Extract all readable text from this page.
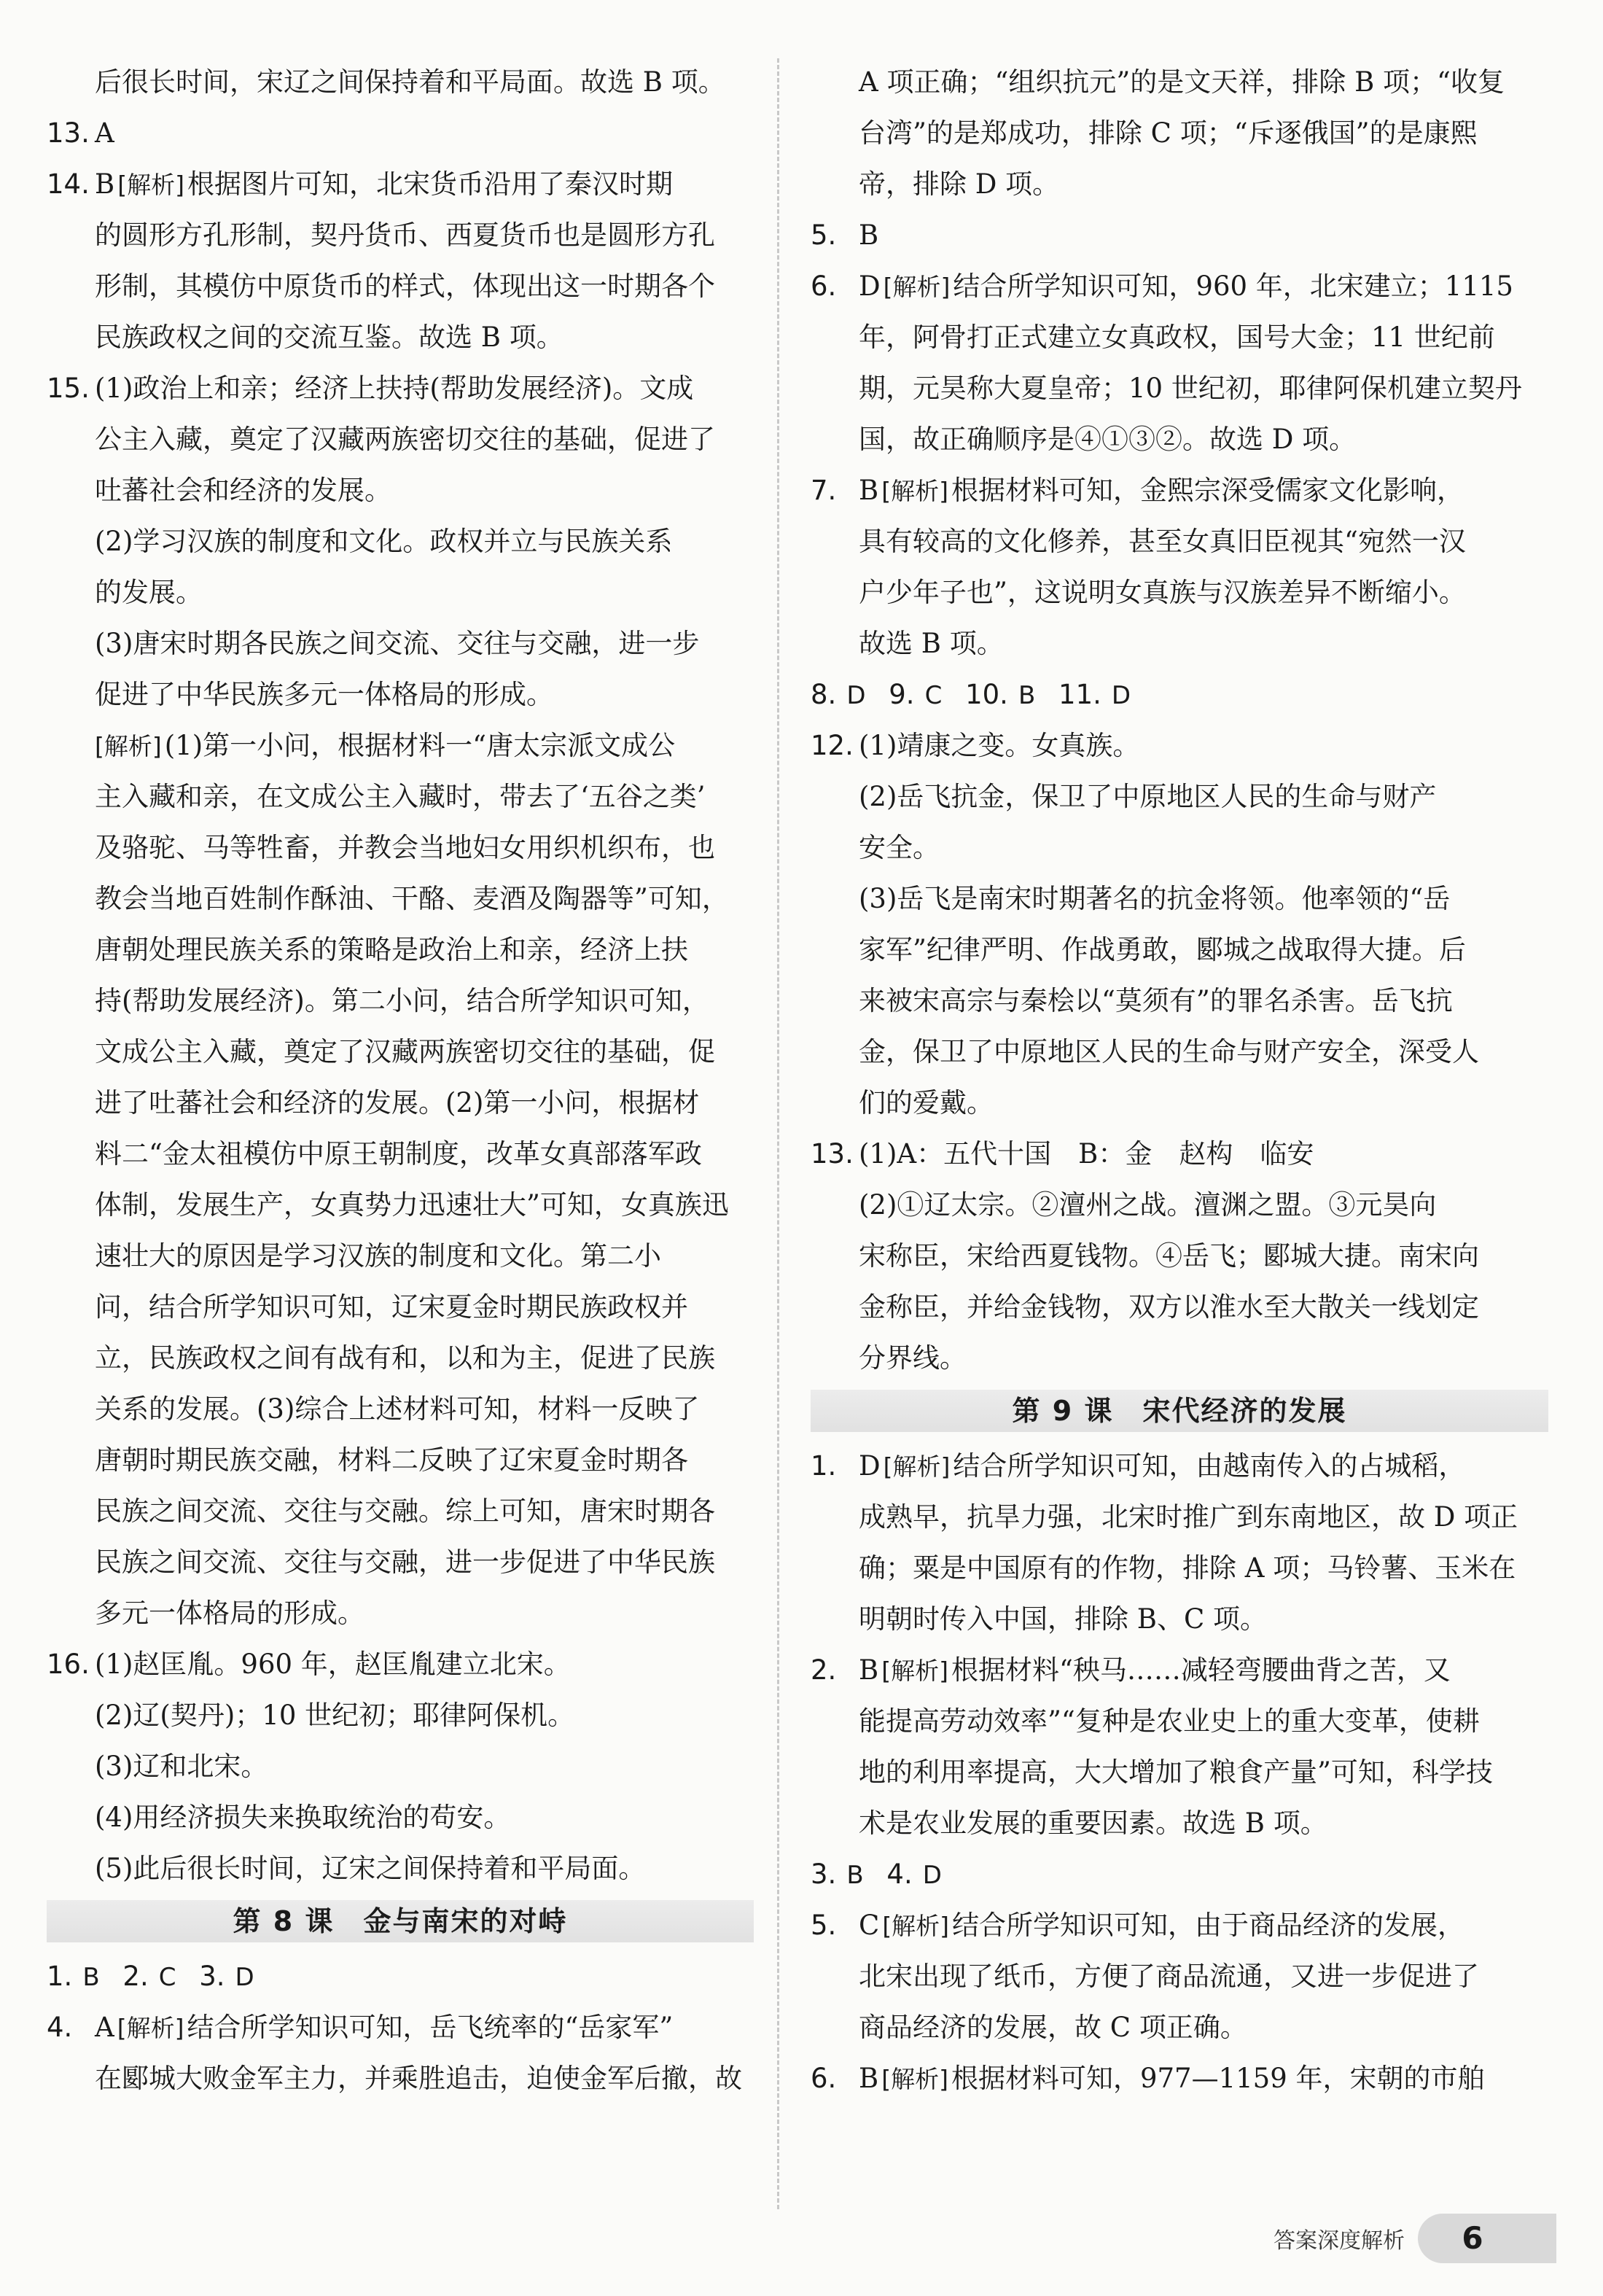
后很长时间，宋辽之间保持着和平局面。故选 B 项。
13. A
14. B [解析] 根据图片可知，北宋货币沿用了秦汉时期
的圆形方孔形制，契丹货币、西夏货币也是圆形方孔
形制，其模仿中原货币的样式，体现出这一时期各个
民族政权之间的交流互鉴。故选 B 项。
15. (1)政治上和亲；经济上扶持(帮助发展经济)。文成
公主入藏，奠定了汉藏两族密切交往的基础，促进了
吐蕃社会和经济的发展。
(2)学习汉族的制度和文化。政权并立与民族关系
的发展。
(3)唐宋时期各民族之间交流、交往与交融，进一步
促进了中华民族多元一体格局的形成。
[解析] (1)第一小问，根据材料一“唐太宗派文成公
主入藏和亲，在文成公主入藏时，带去了‘五谷之类’
及骆驼、马等牲畜，并教会当地妇女用织机织布，也
教会当地百姓制作酥油、干酪、麦酒及陶器等”可知，
唐朝处理民族关系的策略是政治上和亲，经济上扶
持(帮助发展经济)。第二小问，结合所学知识可知，
文成公主入藏，奠定了汉藏两族密切交往的基础，促
进了吐蕃社会和经济的发展。(2)第一小问，根据材
料二“金太祖模仿中原王朝制度，改革女真部落军政
体制，发展生产，女真势力迅速壮大”可知，女真族迅
速壮大的原因是学习汉族的制度和文化。第二小
问，结合所学知识可知，辽宋夏金时期民族政权并
立，民族政权之间有战有和，以和为主，促进了民族
关系的发展。(3)综合上述材料可知，材料一反映了
唐朝时期民族交融，材料二反映了辽宋夏金时期各
民族之间交流、交往与交融。综上可知，唐宋时期各
民族之间交流、交往与交融，进一步促进了中华民族
多元一体格局的形成。
16. (1)赵匡胤。960 年，赵匡胤建立北宋。
(2)辽(契丹)；10 世纪初；耶律阿保机。
(3)辽和北宋。
(4)用经济损失来换取统治的苟安。
(5)此后很长时间，辽宋之间保持着和平局面。
第 8 课　金与南宋的对峙
1. B 2. C 3. D
4. A [解析] 结合所学知识可知，岳飞统率的“岳家军”
在郾城大败金军主力，并乘胜追击，迫使金军后撤，故
A 项正确；“组织抗元”的是文天祥，排除 B 项；“收复
台湾”的是郑成功，排除 C 项；“斥逐俄国”的是康熙
帝，排除 D 项。
5. B
6. D [解析] 结合所学知识可知，960 年，北宋建立；1115
年，阿骨打正式建立女真政权，国号大金；11 世纪前
期，元昊称大夏皇帝；10 世纪初，耶律阿保机建立契丹
国，故正确顺序是④①③②。故选 D 项。
7. B [解析] 根据材料可知，金熙宗深受儒家文化影响，
具有较高的文化修养，甚至女真旧臣视其“宛然一汉
户少年子也”，这说明女真族与汉族差异不断缩小。
故选 B 项。
8. D 9. C 10. B 11. D
12. (1)靖康之变。女真族。
(2)岳飞抗金，保卫了中原地区人民的生命与财产
安全。
(3)岳飞是南宋时期著名的抗金将领。他率领的“岳
家军”纪律严明、作战勇敢，郾城之战取得大捷。后
来被宋高宗与秦桧以“莫须有”的罪名杀害。岳飞抗
金，保卫了中原地区人民的生命与财产安全，深受人
们的爱戴。
13. (1)A：五代十国　B：金　赵构　临安
(2)①辽太宗。②澶州之战。澶渊之盟。③元昊向
宋称臣，宋给西夏钱物。④岳飞；郾城大捷。南宋向
金称臣，并给金钱物，双方以淮水至大散关一线划定
分界线。
第 9 课　宋代经济的发展
1. D [解析] 结合所学知识可知，由越南传入的占城稻，
成熟早，抗旱力强，北宋时推广到东南地区，故 D 项正
确；粟是中国原有的作物，排除 A 项；马铃薯、玉米在
明朝时传入中国，排除 B、C 项。
2. B [解析] 根据材料“秧马……减轻弯腰曲背之苦，又
能提高劳动效率”“复种是农业史上的重大变革，使耕
地的利用率提高，大大增加了粮食产量”可知，科学技
术是农业发展的重要因素。故选 B 项。
3. B 4. D
5. C [解析] 结合所学知识可知，由于商品经济的发展，
北宋出现了纸币，方便了商品流通，又进一步促进了
商品经济的发展，故 C 项正确。
6. B [解析] 根据材料可知，977—1159 年，宋朝的市舶
答案深度解析	6
